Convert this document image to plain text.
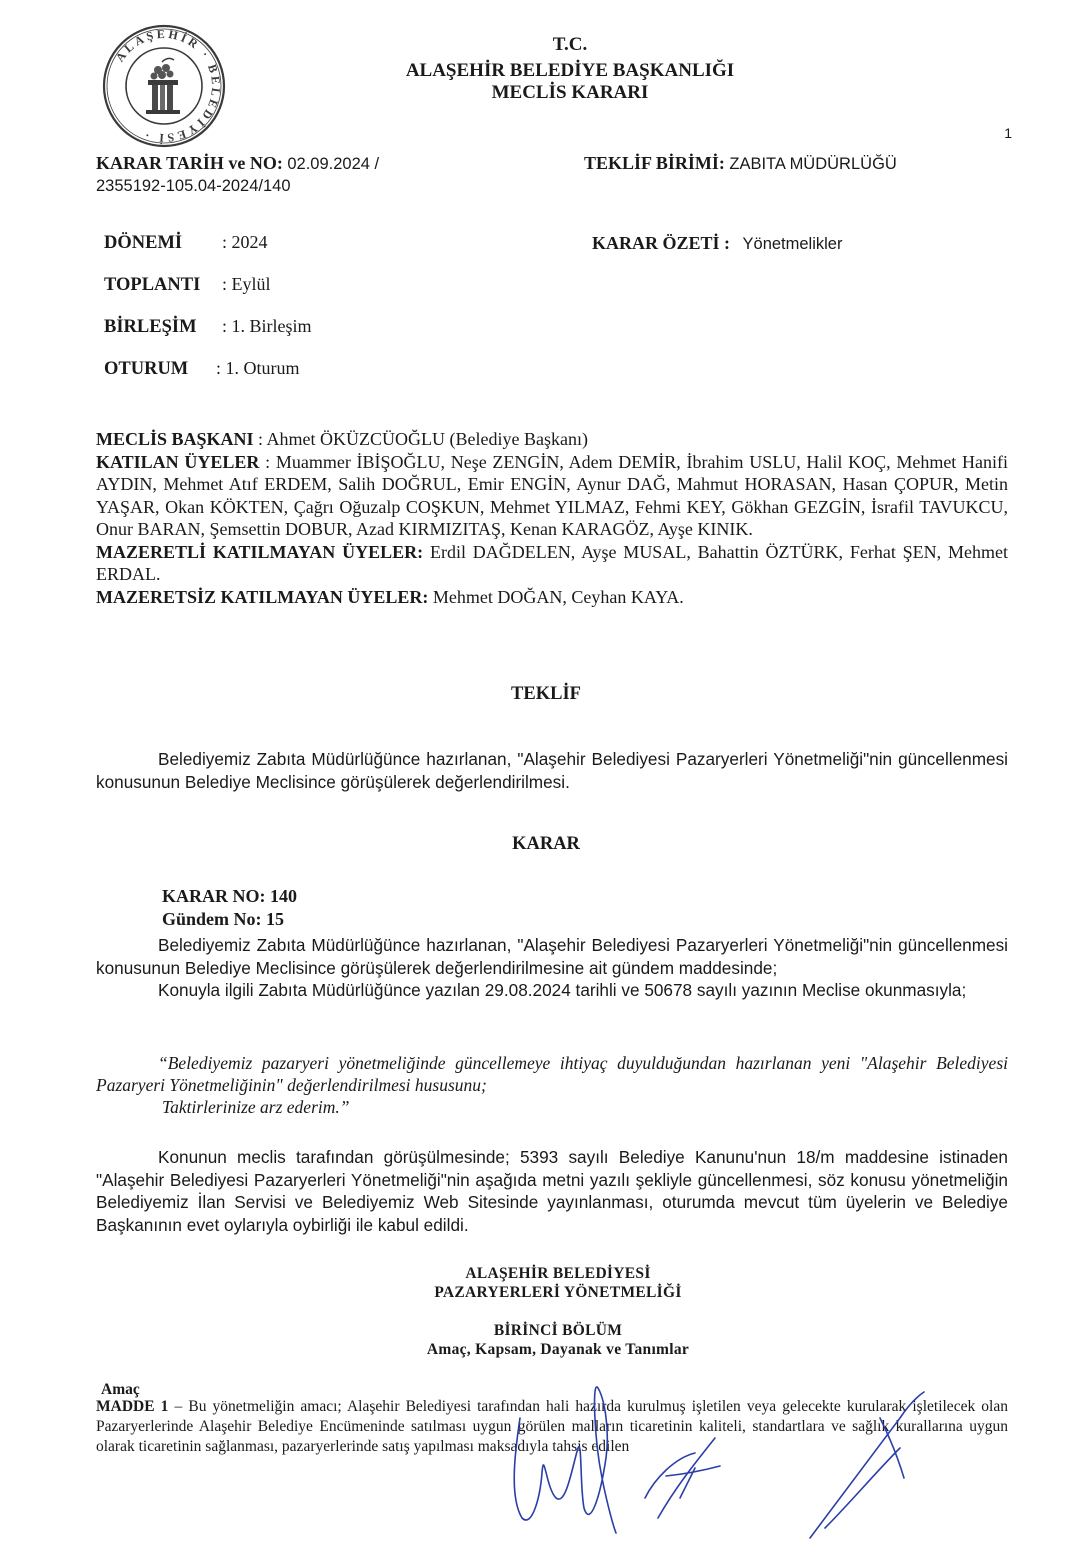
ALAŞEHİR · BELEDİYESİ ·
T.C.
ALAŞEHİR BELEDİYE BAŞKANLIĞI
MECLİS KARARI
1
KARAR TARİH ve NO: 02.09.2024 /
2355192-105.04-2024/140
TEKLİF BİRİMİ: ZABITA MÜDÜRLÜĞÜ
KARAR ÖZETİ : Yönetmelikler
DÖNEMİ : 2024
TOPLANTI : Eylül
BİRLEŞİM : 1. Birleşim
OTURUM : 1. Oturum

MECLİS BAŞKANI : Ahmet ÖKÜZCÜOĞLU (Belediye Başkanı)

KATILAN ÜYELER : Muammer İBİŞOĞLU, Neşe ZENGİN, Adem DEMİR, İbrahim USLU, Halil KOÇ, Mehmet Hanifi AYDIN, Mehmet Atıf ERDEM, Salih DOĞRUL, Emir ENGİN, Aynur DAĞ, Mahmut HORASAN, Hasan ÇOPUR, Metin YAŞAR, Okan KÖKTEN, Çağrı Oğuzalp COŞKUN, Mehmet YILMAZ, Fehmi KEY, Gökhan GEZGİN, İsrafil TAVUKCU, Onur BARAN, Şemsettin DOBUR, Azad KIRMIZITAŞ, Kenan KARAGÖZ, Ayşe KINIK.

MAZERETLİ KATILMAYAN ÜYELER: Erdil DAĞDELEN, Ayşe MUSAL, Bahattin ÖZTÜRK, Ferhat ŞEN, Mehmet ERDAL.

MAZERETSİZ KATILMAYAN ÜYELER: Mehmet DOĞAN, Ceyhan KAYA.

TEKLİF

Belediyemiz Zabıta Müdürlüğünce hazırlanan, "Alaşehir Belediyesi Pazaryerleri Yönetmeliği"nin güncellenmesi konusunun Belediye Meclisince görüşülerek değerlendirilmesi.

KARAR
KARAR NO: 140
Gündem No: 15

Belediyemiz Zabıta Müdürlüğünce hazırlanan, "Alaşehir Belediyesi Pazaryerleri Yönetmeliği"nin güncellenmesi konusunun Belediye Meclisince görüşülerek değerlendirilmesine ait gündem maddesinde;

Konuyla ilgili Zabıta Müdürlüğünce yazılan 29.08.2024 tarihli ve 50678 sayılı yazının Meclise okunmasıyla;

“Belediyemiz pazaryeri yönetmeliğinde güncellemeye ihtiyaç duyulduğundan hazırlanan yeni "Alaşehir Belediyesi Pazaryeri Yönetmeliğinin" değerlendirilmesi hususunu;

Taktirlerinize arz ederim.”

Konunun meclis tarafından görüşülmesinde; 5393 sayılı Belediye Kanunu'nun 18/m maddesine istinaden "Alaşehir Belediyesi Pazaryerleri Yönetmeliği"nin aşağıda metni yazılı şekliyle güncellenmesi, söz konusu yönetmeliğin Belediyemiz İlan Servisi ve Belediyemiz Web Sitesinde yayınlanması, oturumda mevcut tüm üyelerin ve Belediye Başkanının evet oylarıyla oybirliği ile kabul edildi.

ALAŞEHİR BELEDİYESİ
PAZARYERLERİ YÖNETMELİĞİ
BİRİNCİ BÖLÜM
Amaç, Kapsam, Dayanak ve Tanımlar
Amaç

MADDE 1 – Bu yönetmeliğin amacı; Alaşehir Belediyesi tarafından hali hazırda kurulmuş işletilen veya gelecekte kurularak işletilecek olan Pazaryerlerinde Alaşehir Belediye Encümeninde satılması uygun görülen malların ticaretinin kaliteli, standartlara ve sağlık kurallarına uygun olarak ticaretinin sağlanması, pazaryerlerinde satış yapılması maksadıyla tahsis edilen
